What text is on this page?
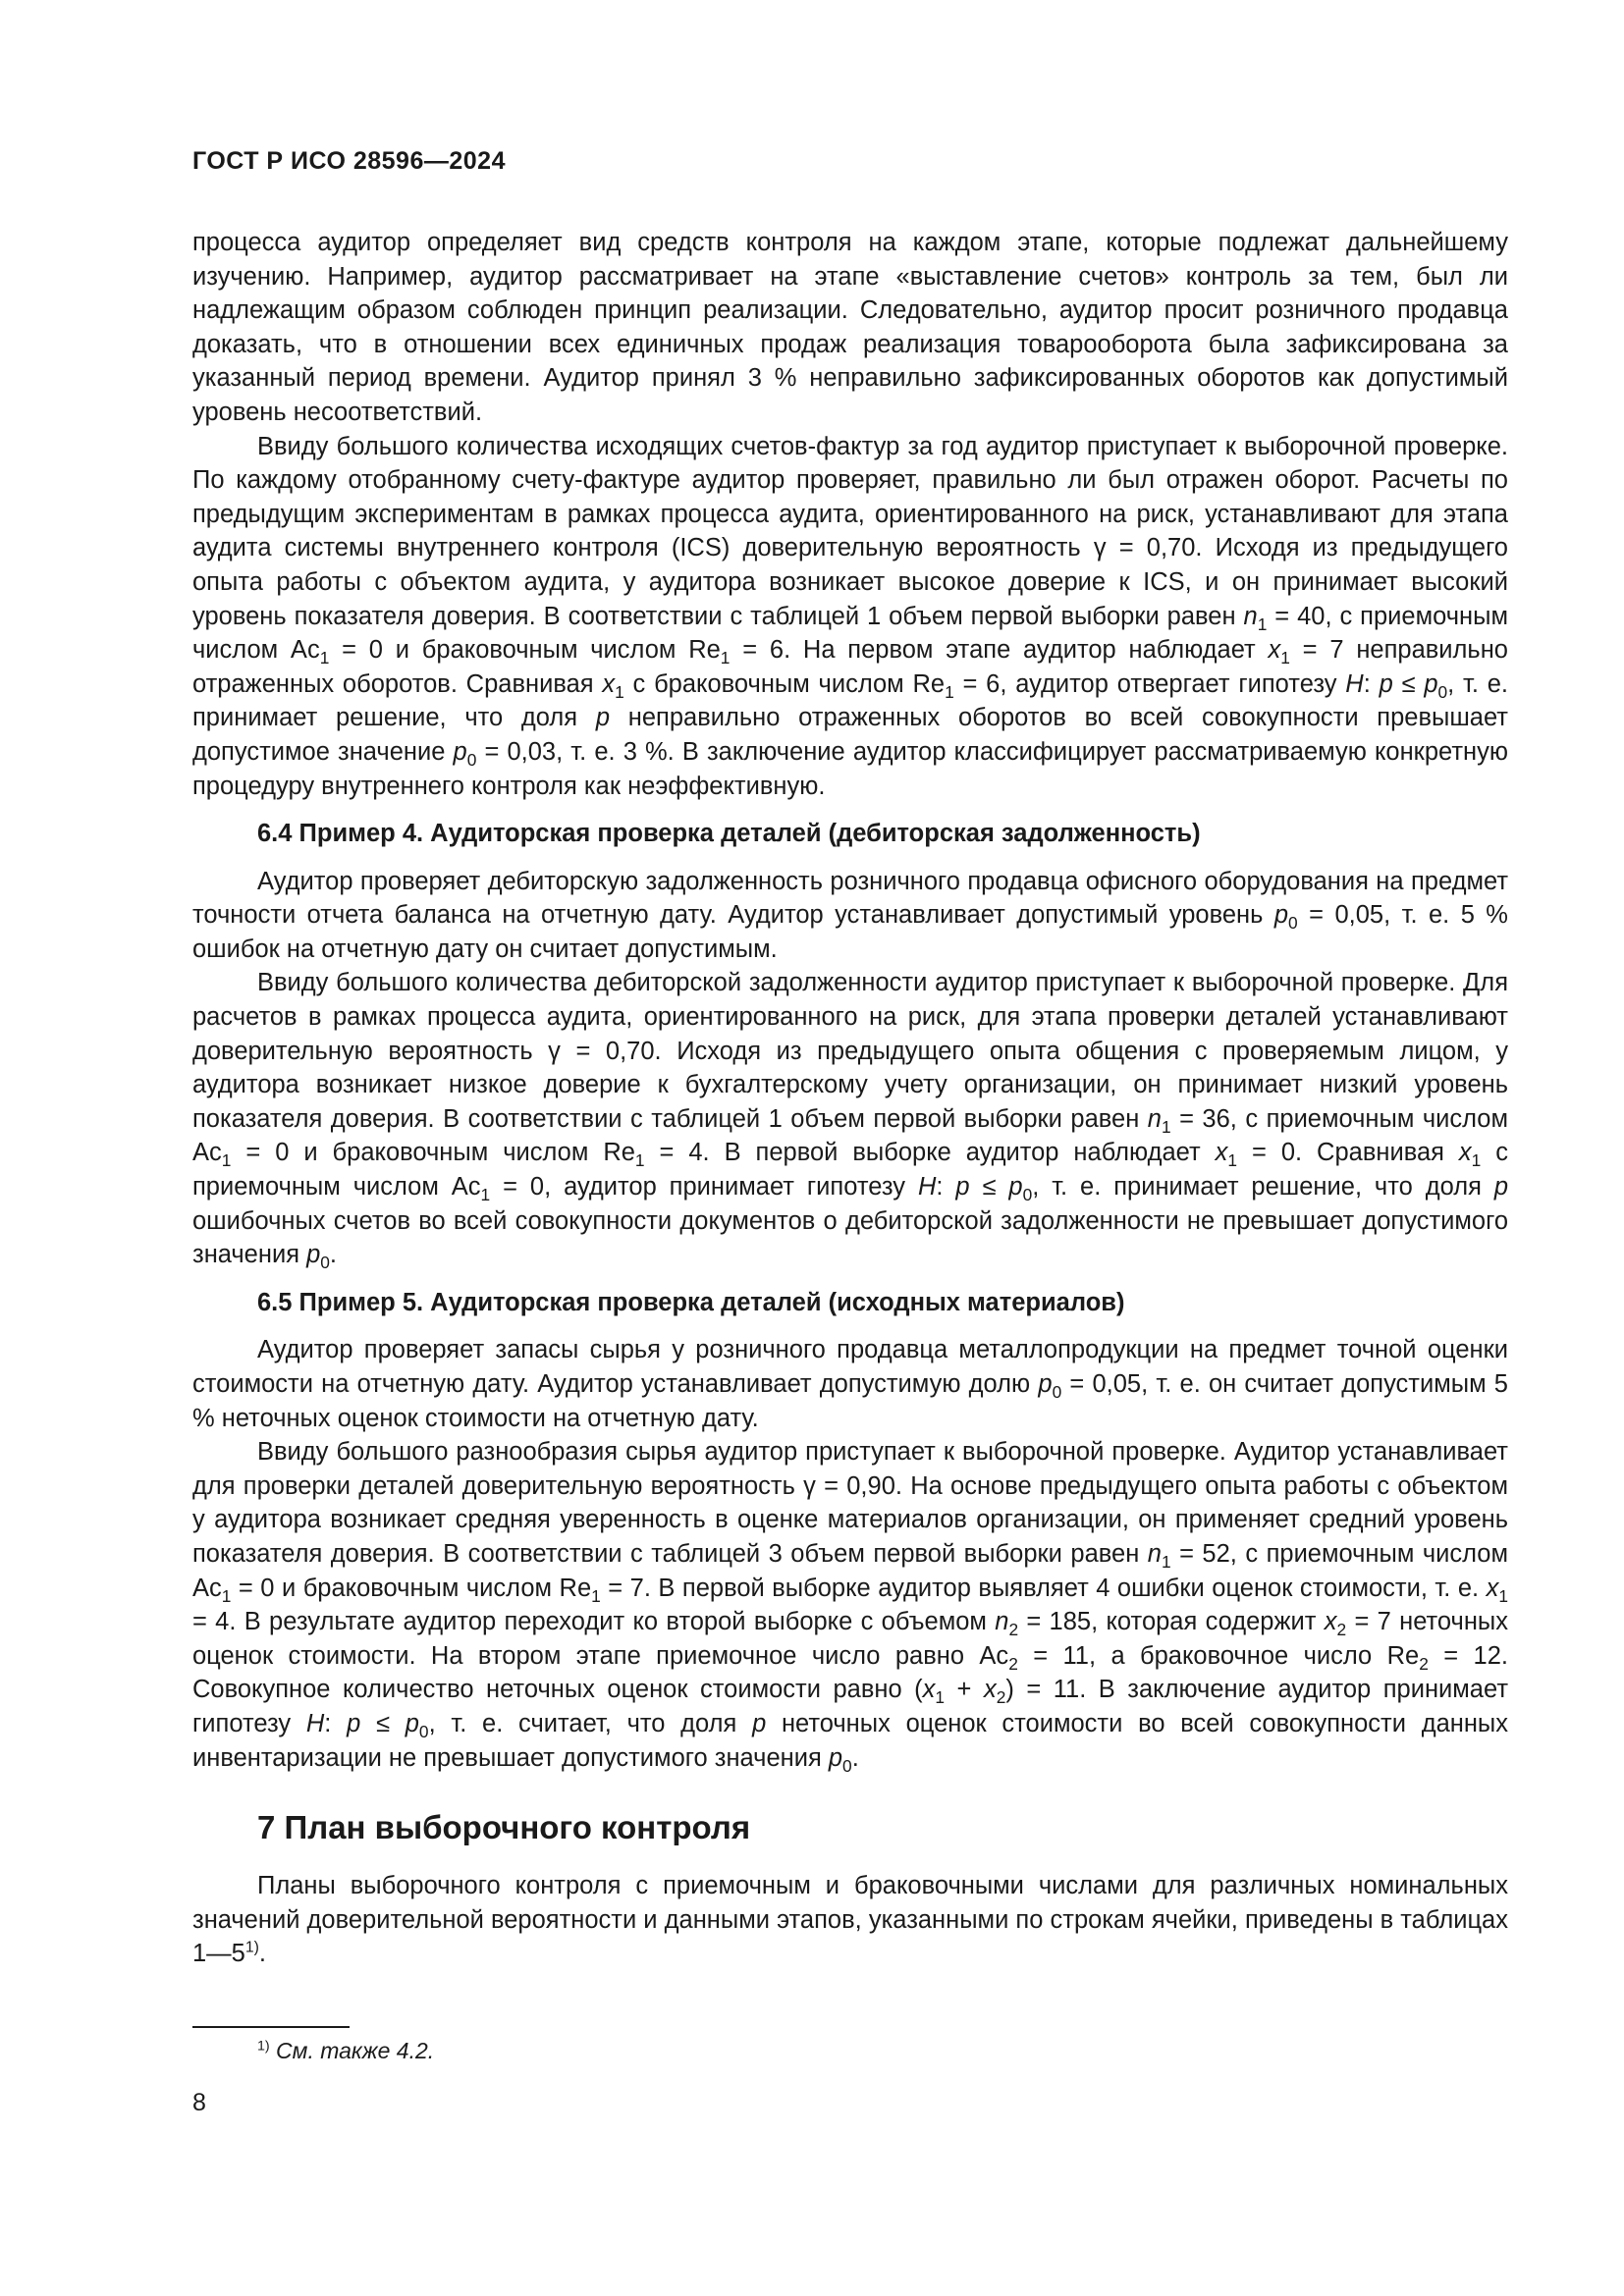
ГОСТ Р ИСО 28596—2024

процесса аудитор определяет вид средств контроля на каждом этапе, которые подлежат дальнейшему изучению. Например, аудитор рассматривает на этапе «выставление счетов» контроль за тем, был ли надлежащим образом соблюден принцип реализации. Следовательно, аудитор просит розничного продавца доказать, что в отношении всех единичных продаж реализация товарооборота была зафиксирована за указанный период времени. Аудитор принял 3 % неправильно зафиксированных оборотов как допустимый уровень несоответствий.

Ввиду большого количества исходящих счетов-фактур за год аудитор приступает к выборочной проверке. По каждому отобранному счету-фактуре аудитор проверяет, правильно ли был отражен оборот. Расчеты по предыдущим экспериментам в рамках процесса аудита, ориентированного на риск, устанавливают для этапа аудита системы внутреннего контроля (ICS) доверительную вероятность γ = 0,70. Исходя из предыдущего опыта работы с объектом аудита, у аудитора возникает высокое доверие к ICS, и он принимает высокий уровень показателя доверия. В соответствии с таблицей 1 объем первой выборки равен $n_1 = 40$, с приемочным числом $Ac_1 = 0$ и браковочным числом $Re_1 = 6$. На первом этапе аудитор наблюдает $x_1 = 7$ неправильно отраженных оборотов. Сравнивая $x_1$ с браковочным числом $Re_1 = 6$, аудитор отвергает гипотезу H: $p \le p_0$, т. е. принимает решение, что доля p неправильно отраженных оборотов во всей совокупности превышает допустимое значение $p_0 = 0,03$, т. е. 3 %. В заключение аудитор классифицирует рассматриваемую конкретную процедуру внутреннего контроля как неэффективную.

6.4 Пример 4. Аудиторская проверка деталей (дебиторская задолженность)

Аудитор проверяет дебиторскую задолженность розничного продавца офисного оборудования на предмет точности отчета баланса на отчетную дату. Аудитор устанавливает допустимый уровень $p_0 = 0,05$, т. е. 5 % ошибок на отчетную дату он считает допустимым.

Ввиду большого количества дебиторской задолженности аудитор приступает к выборочной проверке. Для расчетов в рамках процесса аудита, ориентированного на риск, для этапа проверки деталей устанавливают доверительную вероятность γ = 0,70. Исходя из предыдущего опыта общения с проверяемым лицом, у аудитора возникает низкое доверие к бухгалтерскому учету организации, он принимает низкий уровень показателя доверия. В соответствии с таблицей 1 объем первой выборки равен $n_1 = 36$, с приемочным числом $Ac_1 = 0$ и браковочным числом $Re_1 = 4$. В первой выборке аудитор наблюдает $x_1 = 0$. Сравнивая $x_1$ с приемочным числом $Ac_1 = 0$, аудитор принимает гипотезу H: $p \le p_0$, т. е. принимает решение, что доля p ошибочных счетов во всей совокупности документов о дебиторской задолженности не превышает допустимого значения $p_0$.

6.5 Пример 5. Аудиторская проверка деталей (исходных материалов)

Аудитор проверяет запасы сырья у розничного продавца металлопродукции на предмет точной оценки стоимости на отчетную дату. Аудитор устанавливает допустимую долю $p_0 = 0,05$, т. е. он считает допустимым 5 % неточных оценок стоимости на отчетную дату.

Ввиду большого разнообразия сырья аудитор приступает к выборочной проверке. Аудитор устанавливает для проверки деталей доверительную вероятность γ = 0,90. На основе предыдущего опыта работы с объектом у аудитора возникает средняя уверенность в оценке материалов организации, он применяет средний уровень показателя доверия. В соответствии с таблицей 3 объем первой выборки равен $n_1 = 52$, с приемочным числом $Ac_1 = 0$ и браковочным числом $Re_1 = 7$. В первой выборке аудитор выявляет 4 ошибки оценок стоимости, т. е. $x_1 = 4$. В результате аудитор переходит ко второй выборке с объемом $n_2 = 185$, которая содержит $x_2 = 7$ неточных оценок стоимости. На втором этапе приемочное число равно $Ac_2 = 11$, а браковочное число $Re_2 = 12$. Совокупное количество неточных оценок стоимости равно $(x_1 + x_2) = 11$. В заключение аудитор принимает гипотезу H: $p \le p_0$, т. е. считает, что доля p неточных оценок стоимости во всей совокупности данных инвентаризации не превышает допустимого значения $p_0$.

7 План выборочного контроля

Планы выборочного контроля с приемочным и браковочными числами для различных номинальных значений доверительной вероятности и данными этапов, указанными по строкам ячейки, приведены в таблицах 1—5$^{1)}$.

$^{1)}$ См. также 4.2.
8
